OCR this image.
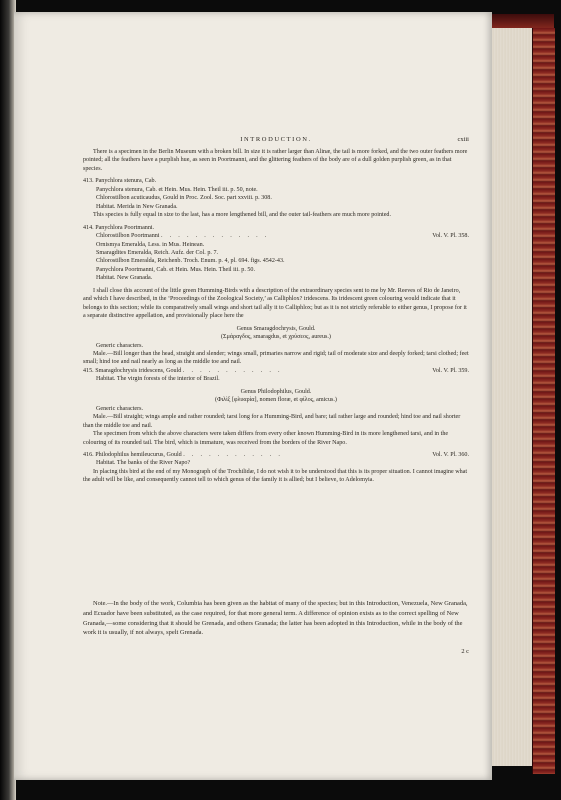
INTRODUCTION.	cxiii

There is a specimen in the Berlin Museum with a broken bill. In size it is rather larger than Alinæ, the tail is more forked, and the two outer feathers more pointed; all the feathers have a purplish hue, as seen in Poortmanni, and the glittering feathers of the body are of a dull golden purplish green, as in that species.

413. Panychlora stenura, Cab.

Panychlora stenura, Cab. et Hein. Mus. Hein. Theil iii. p. 50, note.

Chlorostilbon acuticaudus, Gould in Proc. Zool. Soc. part xxviii. p. 308.

Habitat. Merida in New Granada.

This species is fully equal in size to the last, has a more lengthened bill, and the outer tail-feathers are much more pointed.

414. Panychlora Poortmanni.

Chlorostilbon Poortmanni . . . . . . . . . . . . .	Vol. V. Pl. 358.

Ornismya Emeralda, Less. in Mus. Heinean.

Smaragdites Emeralda, Reich. Aufz. der Col. p. 7.

Chlorostilbon Emeralda, Reichenb. Troch. Enum. p. 4, pl. 694. figs. 4542-43.

Panychlora Poortmanni, Cab. et Hein. Mus. Hein. Theil iii. p. 50.

Habitat. New Granada.

I shall close this account of the little green Humming-Birds with a description of the extraordinary species sent to me by Mr. Reeves of Rio de Janeiro, and which I have described, in the ‘Proceedings of the Zoological Society,’ as Calliphlox? iridescens. Its iridescent green colouring would indicate that it belongs to this section; while its comparatively small wings and short tail ally it to Calliphlox; but as it is not strictly referable to either genus, I propose for it a separate distinctive appellation, and provisionally place here the

Genus Smaragdochrysis, Gould.

(Σμάραγδος, smaragdus, et χρύσεος, aureus.)

Generic characters.

Male.—Bill longer than the head, straight and slender; wings small, primaries narrow and rigid; tail of moderate size and deeply forked; tarsi clothed; feet small; hind toe and nail nearly as long as the middle toe and nail.

415. Smaragdochrysis iridescens, Gould . . . . . . . . . . . .	Vol. V. Pl. 359.

Habitat. The virgin forests of the interior of Brazil.

Genus Philodophilus, Gould.

(Φιλὶξ [φλυαρία], nomen floræ, et φίλος, amicus.)

Generic characters.

Male.—Bill straight; wings ample and rather rounded; tarsi long for a Humming-Bird, and bare; tail rather large and rounded; hind toe and nail shorter than the middle toe and nail.

The specimen from which the above characters were taken differs from every other known Humming-Bird in its more lengthened tarsi, and in the colouring of its rounded tail. The bird, which is immature, was received from the borders of the River Napo.

416. Philodophilus hemileucurus, Gould . . . . . . . . . . . .	Vol. V. Pl. 360.

Habitat. The banks of the River Napo?

In placing this bird at the end of my Monograph of the Trochilidæ, I do not wish it to be understood that this is its proper situation. I cannot imagine what the adult will be like, and consequently cannot tell to which genus of the family it is allied; but I believe, to Adelomyia.

Note.—In the body of the work, Columbia has been given as the habitat of many of the species; but in this Introduction, Venezuela, New Granada, and Ecuador have been substituted, as the case required, for that more general term. A difference of opinion exists as to the correct spelling of New Granada,—some considering that it should be Grenada, and others Granada; the latter has been adopted in this Introduction, while in the body of the work it is usually, if not always, spelt Grenada.

2 c
